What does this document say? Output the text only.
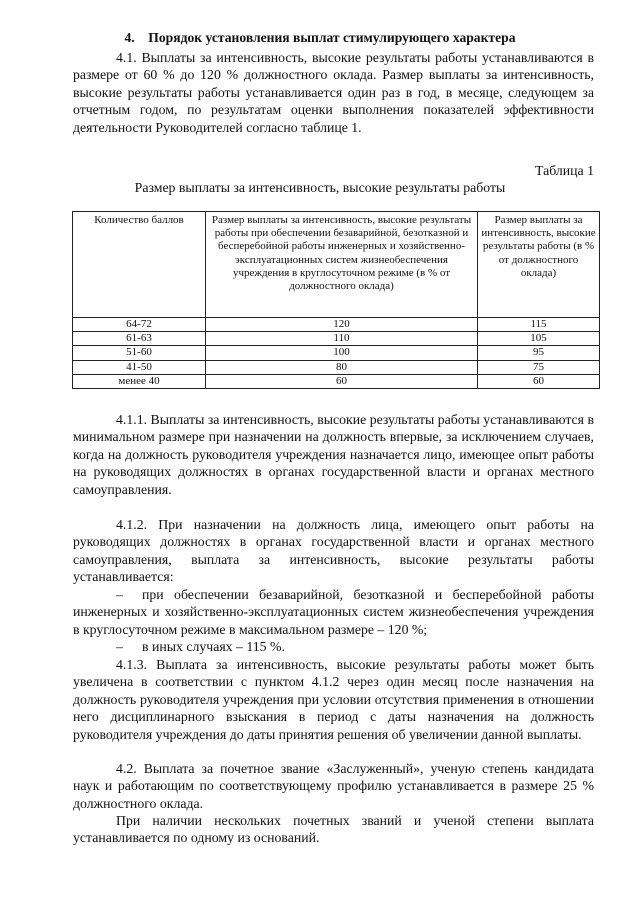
4. Порядок установления выплат стимулирующего характера

4.1. Выплаты за интенсивность, высокие результаты работы устанавливаются в размере от 60 % до 120 % должностного оклада. Размер выплаты за интенсивность, высокие результаты работы устанавливается один раз в год, в месяце, следующем за отчетным годом, по результатам оценки выполнения показателей эффективности деятельности Руководителей согласно таблице 1.

Таблица 1
Размер выплаты за интенсивность, высокие результаты работы
Количество баллов	Размер выплаты за интенсивность, высокие результаты работы при обеспечении безаварийной, безотказной и бесперебойной работы инженерных и хозяйственно-эксплуатационных систем жизнеобеспечения учреждения в круглосуточном режиме (в % от должностного оклада)	Размер выплаты за интенсивность, высокие результаты работы (в % от должностного оклада)
64-72	120	115
61-63	110	105
51-60	100	95
41-50	80	75
менее 40	60	60

4.1.1. Выплаты за интенсивность, высокие результаты работы устанавливаются в минимальном размере при назначении на должность впервые, за исключением случаев, когда на должность руководителя учреждения назначается лицо, имеющее опыт работы на руководящих должностях в органах государственной власти и органах местного самоуправления.

4.1.2. При назначении на должность лица, имеющего опыт работы на руководящих должностях в органах государственной власти и органах местного самоуправления, выплата за интенсивность, высокие результаты работы устанавливается:

– при обеспечении безаварийной, безотказной и бесперебойной работы инженерных и хозяйственно-эксплуатационных систем жизнеобеспечения учреждения в круглосуточном режиме в максимальном размере – 120 %;

– в иных случаях – 115 %.

4.1.3. Выплата за интенсивность, высокие результаты работы может быть увеличена в соответствии с пунктом 4.1.2 через один месяц после назначения на должность руководителя учреждения при условии отсутствия применения в отношении него дисциплинарного взыскания в период с даты назначения на должность руководителя учреждения до даты принятия решения об увеличении данной выплаты.

4.2. Выплата за почетное звание «Заслуженный», ученую степень кандидата наук и работающим по соответствующему профилю устанавливается в размере 25 % должностного оклада.

При наличии нескольких почетных званий и ученой степени выплата устанавливается по одному из оснований.
